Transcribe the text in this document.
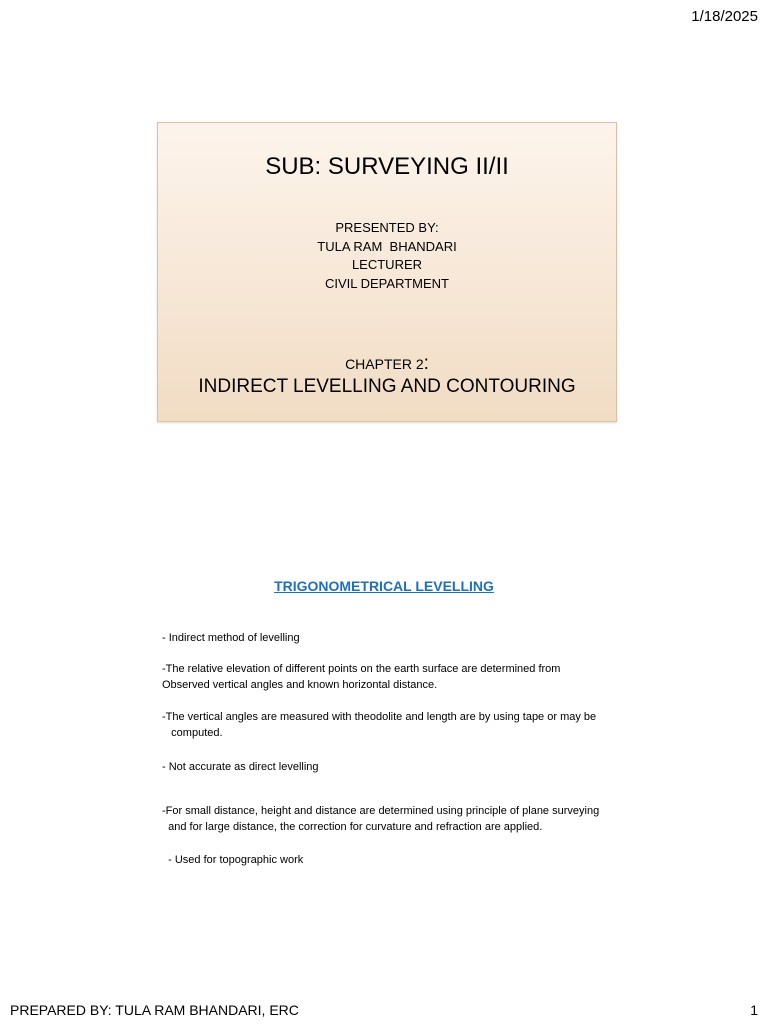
1/18/2025
SUB: SURVEYING II/II
PRESENTED BY:
TULA RAM  BHANDARI
LECTURER
CIVIL DEPARTMENT
CHAPTER 2:
INDIRECT LEVELLING AND CONTOURING
TRIGONOMETRICAL LEVELLING
- Indirect method of levelling
-The relative elevation of different points on the earth surface are determined from
Observed vertical angles and known horizontal distance.
-The vertical angles are measured with theodolite and length are by using tape or may be
computed.
- Not accurate as direct levelling
-For small distance, height and distance are determined using principle of plane surveying
and for large distance, the correction for curvature and refraction are applied.
- Used for topographic work
PREPARED BY: TULA RAM BHANDARI, ERC	1
